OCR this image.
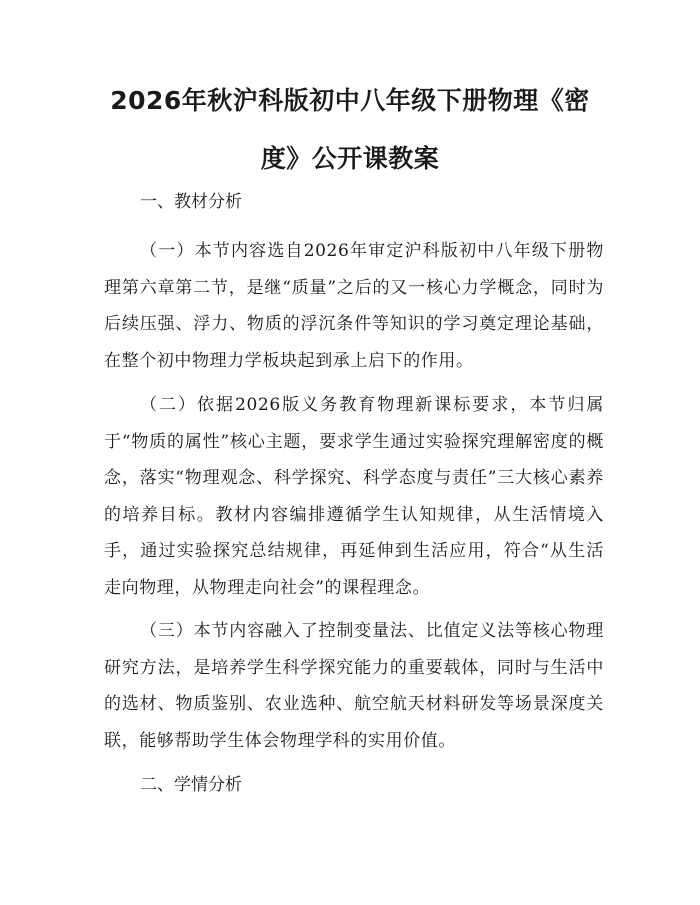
2026年秋沪科版初中八年级下册物理《密度》公开课教案

一、教材分析

（一）本节内容选自2026年审定沪科版初中八年级下册物理第六章第二节，是继“质量”之后的又一核心力学概念，同时为后续压强、浮力、物质的浮沉条件等知识的学习奠定理论基础，在整个初中物理力学板块起到承上启下的作用。

（二）依据2026版义务教育物理新课标要求，本节归属于“物质的属性”核心主题，要求学生通过实验探究理解密度的概念，落实“物理观念、科学探究、科学态度与责任”三大核心素养的培养目标。教材内容编排遵循学生认知规律，从生活情境入手，通过实验探究总结规律，再延伸到生活应用，符合“从生活走向物理，从物理走向社会”的课程理念。

（三）本节内容融入了控制变量法、比值定义法等核心物理研究方法，是培养学生科学探究能力的重要载体，同时与生活中的选材、物质鉴别、农业选种、航空航天材料研发等场景深度关联，能够帮助学生体会物理学科的实用价值。

二、学情分析
